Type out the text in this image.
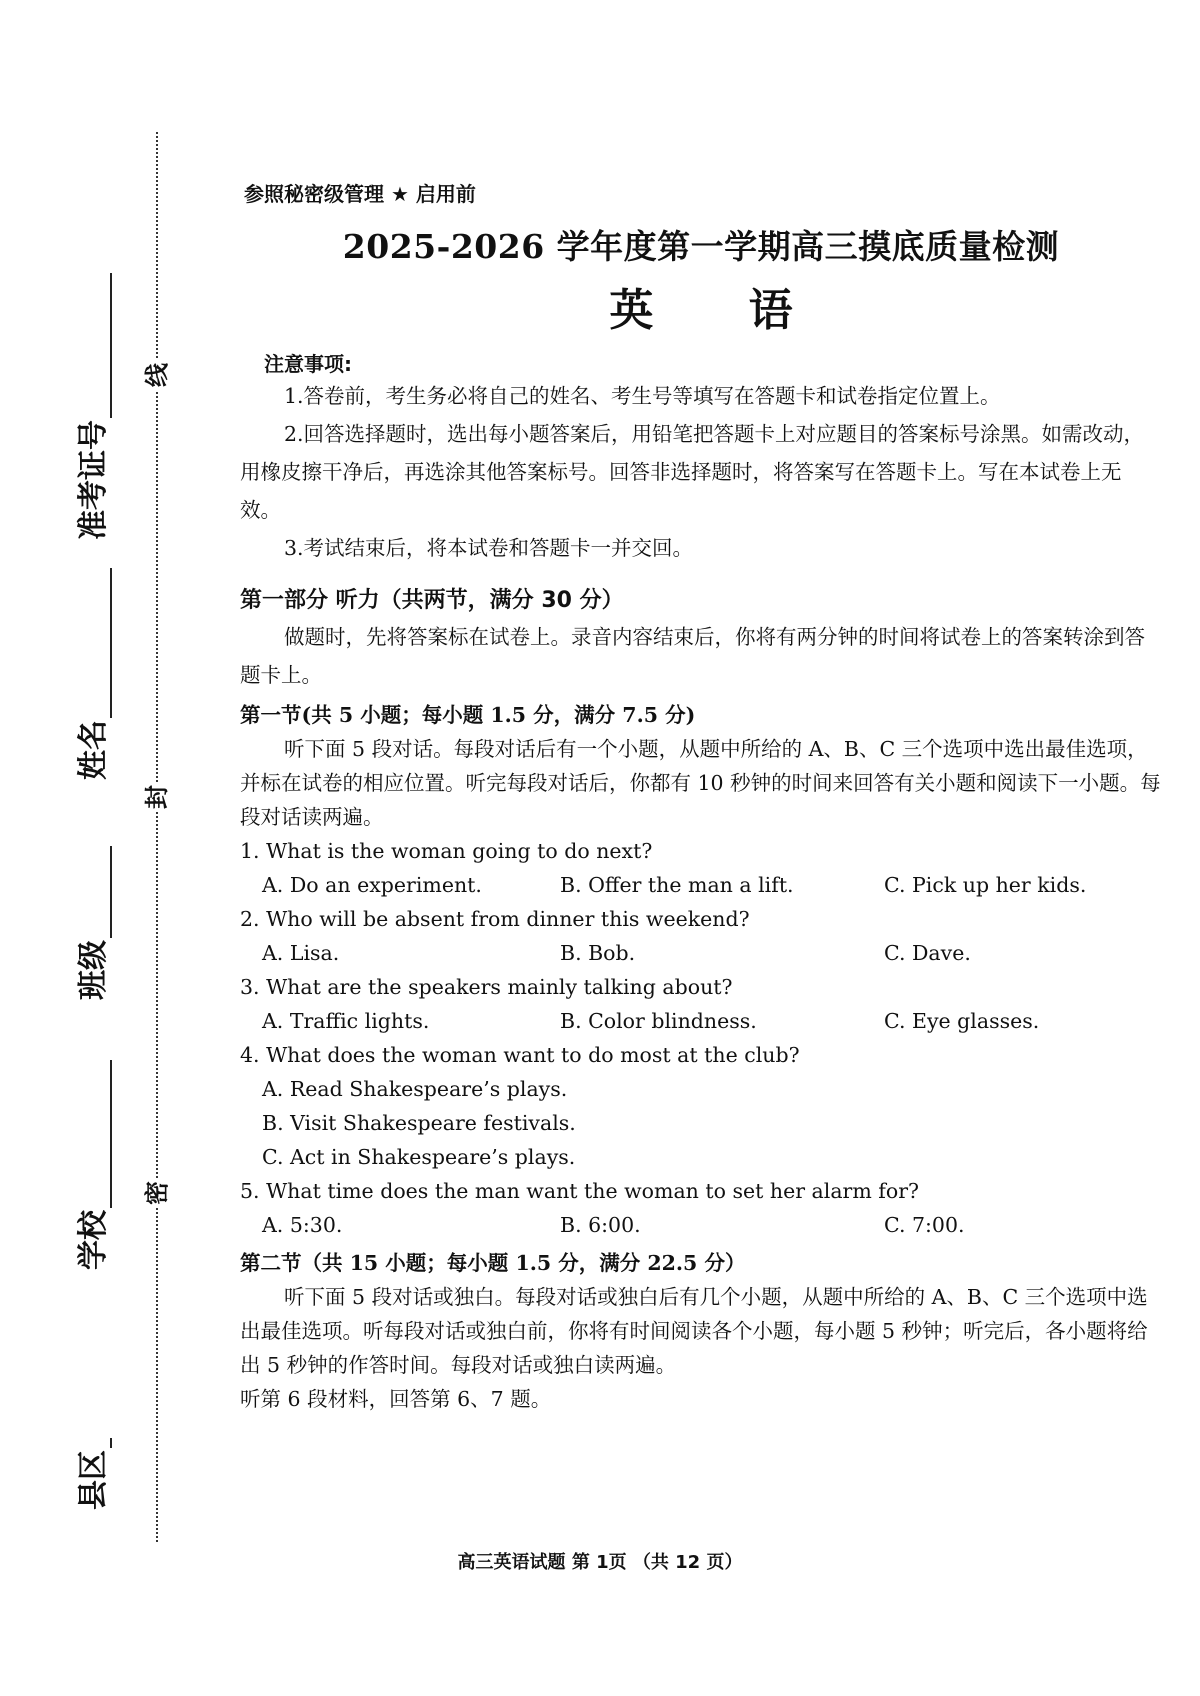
线
封
密
准考证号
姓名
班级
学校
县区
参照秘密级管理 ★ 启用前
2025-2026 学年度第一学期高三摸底质量检测
英 语
注意事项:
1.答卷前，考生务必将自己的姓名、考生号等填写在答题卡和试卷指定位置上。
2.回答选择题时，选出每小题答案后，用铅笔把答题卡上对应题目的答案标号涂黑。如需改动，用橡皮擦干净后，再选涂其他答案标号。回答非选择题时，将答案写在答题卡上。写在本试卷上无效。
3.考试结束后，将本试卷和答题卡一并交回。
第一部分 听力（共两节，满分 30 分）
做题时，先将答案标在试卷上。录音内容结束后，你将有两分钟的时间将试卷上的答案转涂到答题卡上。
第一节(共 5 小题；每小题 1.5 分，满分 7.5 分)
听下面 5 段对话。每段对话后有一个小题，从题中所给的 A、B、C 三个选项中选出最佳选项，并标在试卷的相应位置。听完每段对话后，你都有 10 秒钟的时间来回答有关小题和阅读下一小题。每段对话读两遍。
1. What is the woman going to do next?
A. Do an experiment.	B. Offer the man a lift.	C. Pick up her kids.
2. Who will be absent from dinner this weekend?
A. Lisa.	B. Bob.	C. Dave.
3. What are the speakers mainly talking about?
A. Traffic lights.	B. Color blindness.	C. Eye glasses.
4. What does the woman want to do most at the club?
A. Read Shakespeare’s plays.
B. Visit Shakespeare festivals.
C. Act in Shakespeare’s plays.
5. What time does the man want the woman to set her alarm for?
A. 5:30.	B. 6:00.	C. 7:00.
第二节（共 15 小题；每小题 1.5 分，满分 22.5 分）
听下面 5 段对话或独白。每段对话或独白后有几个小题，从题中所给的 A、B、C 三个选项中选出最佳选项。听每段对话或独白前，你将有时间阅读各个小题，每小题 5 秒钟；听完后，各小题将给出 5 秒钟的作答时间。每段对话或独白读两遍。
听第 6 段材料，回答第 6、7 题。
高三英语试题 第 1页 （共 12 页）
